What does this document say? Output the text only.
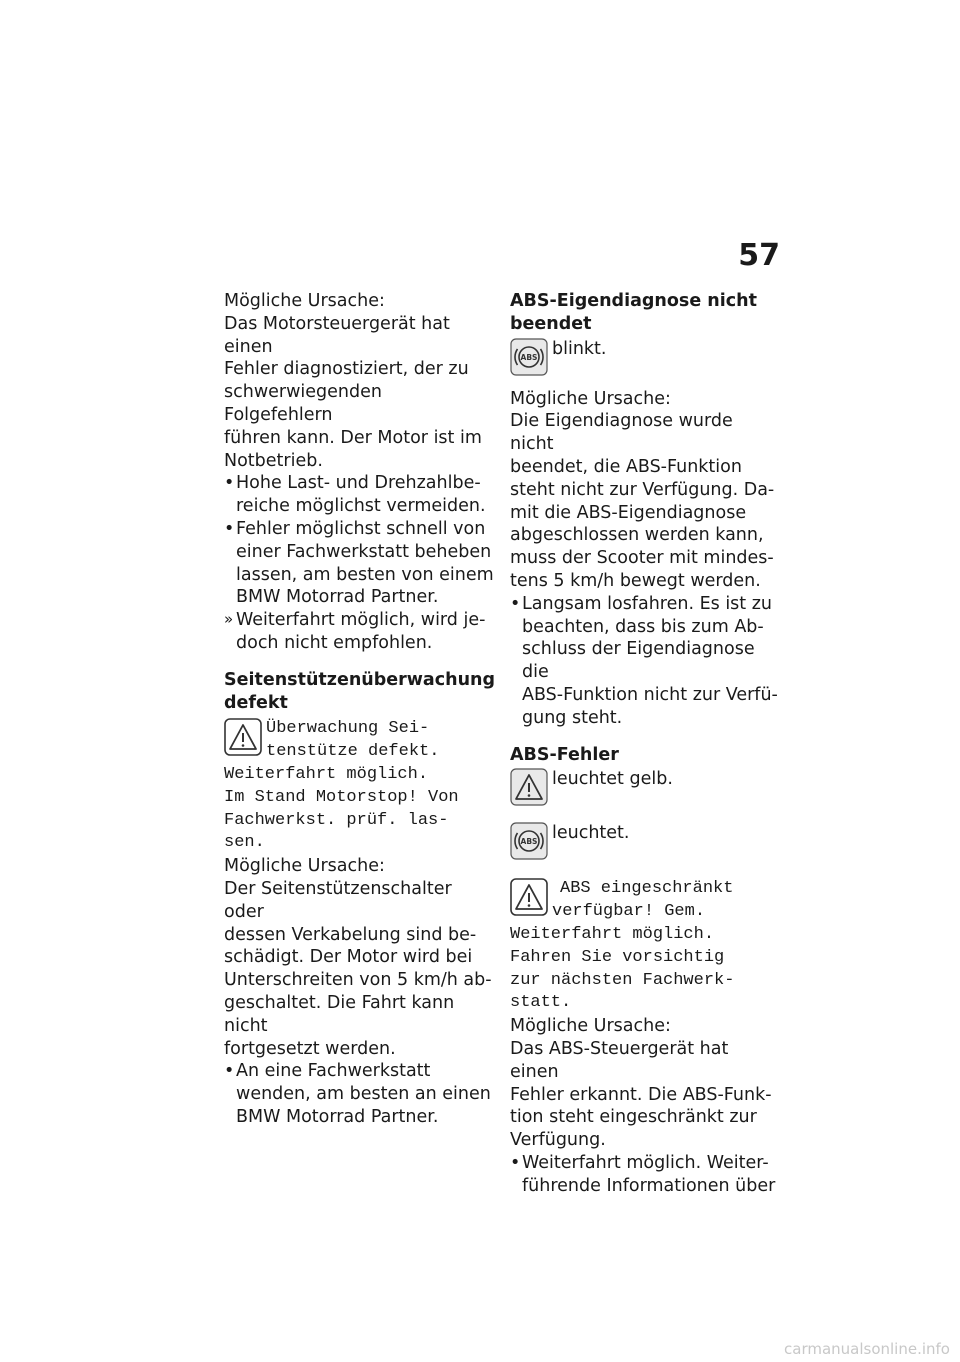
57

Mögliche Ursache:

Das Motorsteuergerät hat einen

Fehler diagnostiziert, der zu

schwerwiegenden Folgefehlern

führen kann. Der Motor ist im

Notbetrieb.

• Hohe Last- und Drehzahlbe-
reiche möglichst vermeiden.
• Fehler möglichst schnell von
einer Fachwerkstatt beheben
lassen, am besten von einem
BMW Motorrad Partner.
» Weiterfahrt möglich, wird je-
doch nicht empfohlen.

Seitenstützenüberwachung
defekt

Überwachung Sei-

tenstütze defekt.

Weiterfahrt möglich.

Im Stand Motorstop! Von

Fachwerkst. prüf. las-

sen.

Mögliche Ursache:

Der Seitenstützenschalter oder

dessen Verkabelung sind be-

schädigt. Der Motor wird bei

Unterschreiten von 5 km/h ab-

geschaltet. Die Fahrt kann nicht

fortgesetzt werden.

• An eine Fachwerkstatt
wenden, am besten an einen
BMW Motorrad Partner.

ABS-Eigendiagnose nicht
beendet

ABS blinkt.

Mögliche Ursache:

Die Eigendiagnose wurde nicht

beendet, die ABS-Funktion

steht nicht zur Verfügung. Da-

mit die ABS-Eigendiagnose

abgeschlossen werden kann,

muss der Scooter mit mindes-

tens 5 km/h bewegt werden.

• Langsam losfahren. Es ist zu
beachten, dass bis zum Ab-
schluss der Eigendiagnose die
ABS-Funktion nicht zur Verfü-
gung steht.

ABS-Fehler

leuchtet gelb.

ABS leuchtet.

ABS eingeschränkt

verfügbar! Gem.

Weiterfahrt möglich.

Fahren Sie vorsichtig

zur nächsten Fachwerk-

statt.

Mögliche Ursache:

Das ABS-Steuergerät hat einen

Fehler erkannt. Die ABS-Funk-

tion steht eingeschränkt zur

Verfügung.

• Weiterfahrt möglich. Weiter-
führende Informationen über
carmanualsonline.info
